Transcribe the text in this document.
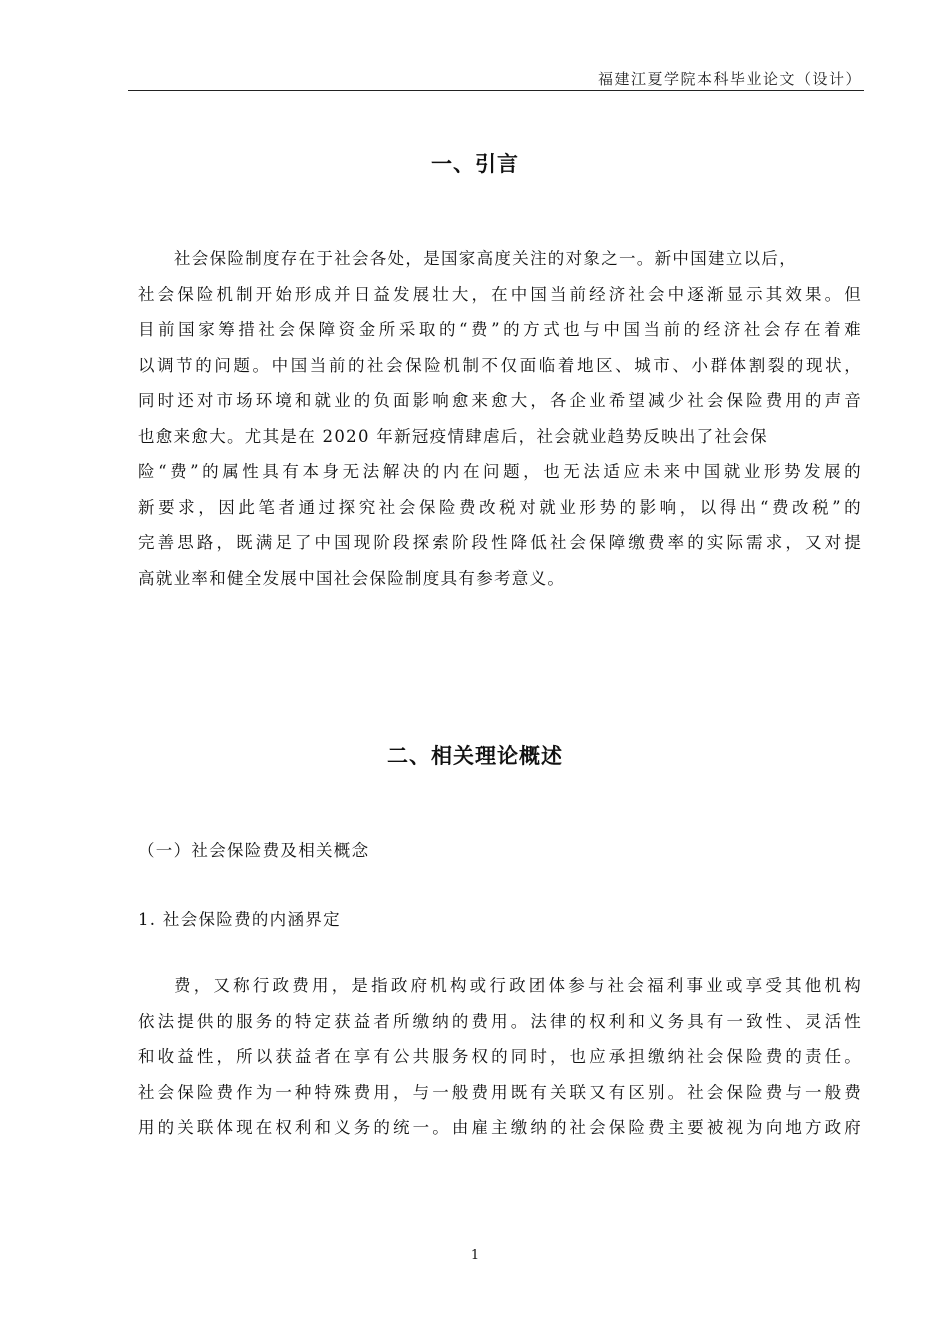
福建江夏学院本科毕业论文（设计）
一、引言
社会保险制度存在于社会各处，是国家高度关注的对象之一。新中国建立以后，
社会保险机制开始形成并日益发展壮大，在中国当前经济社会中逐渐显示其效果。但
目前国家筹措社会保障资金所采取的“费”的方式也与中国当前的经济社会存在着难
以调节的问题。中国当前的社会保险机制不仅面临着地区、城市、小群体割裂的现状，
同时还对市场环境和就业的负面影响愈来愈大，各企业希望减少社会保险费用的声音
也愈来愈大。尤其是在 2020 年新冠疫情肆虐后，社会就业趋势反映出了社会保
险“费”的属性具有本身无法解决的内在问题，也无法适应未来中国就业形势发展的
新要求，因此笔者通过探究社会保险费改税对就业形势的影响，以得出“费改税”的
完善思路，既满足了中国现阶段探索阶段性降低社会保障缴费率的实际需求，又对提
高就业率和健全发展中国社会保险制度具有参考意义。
二、相关理论概述
（一）社会保险费及相关概念
1. 社会保险费的内涵界定
费，又称行政费用，是指政府机构或行政团体参与社会福利事业或享受其他机构
依法提供的服务的特定获益者所缴纳的费用。法律的权利和义务具有一致性、灵活性
和收益性，所以获益者在享有公共服务权的同时，也应承担缴纳社会保险费的责任。
社会保险费作为一种特殊费用，与一般费用既有关联又有区别。社会保险费与一般费
用的关联体现在权利和义务的统一。由雇主缴纳的社会保险费主要被视为向地方政府
1
